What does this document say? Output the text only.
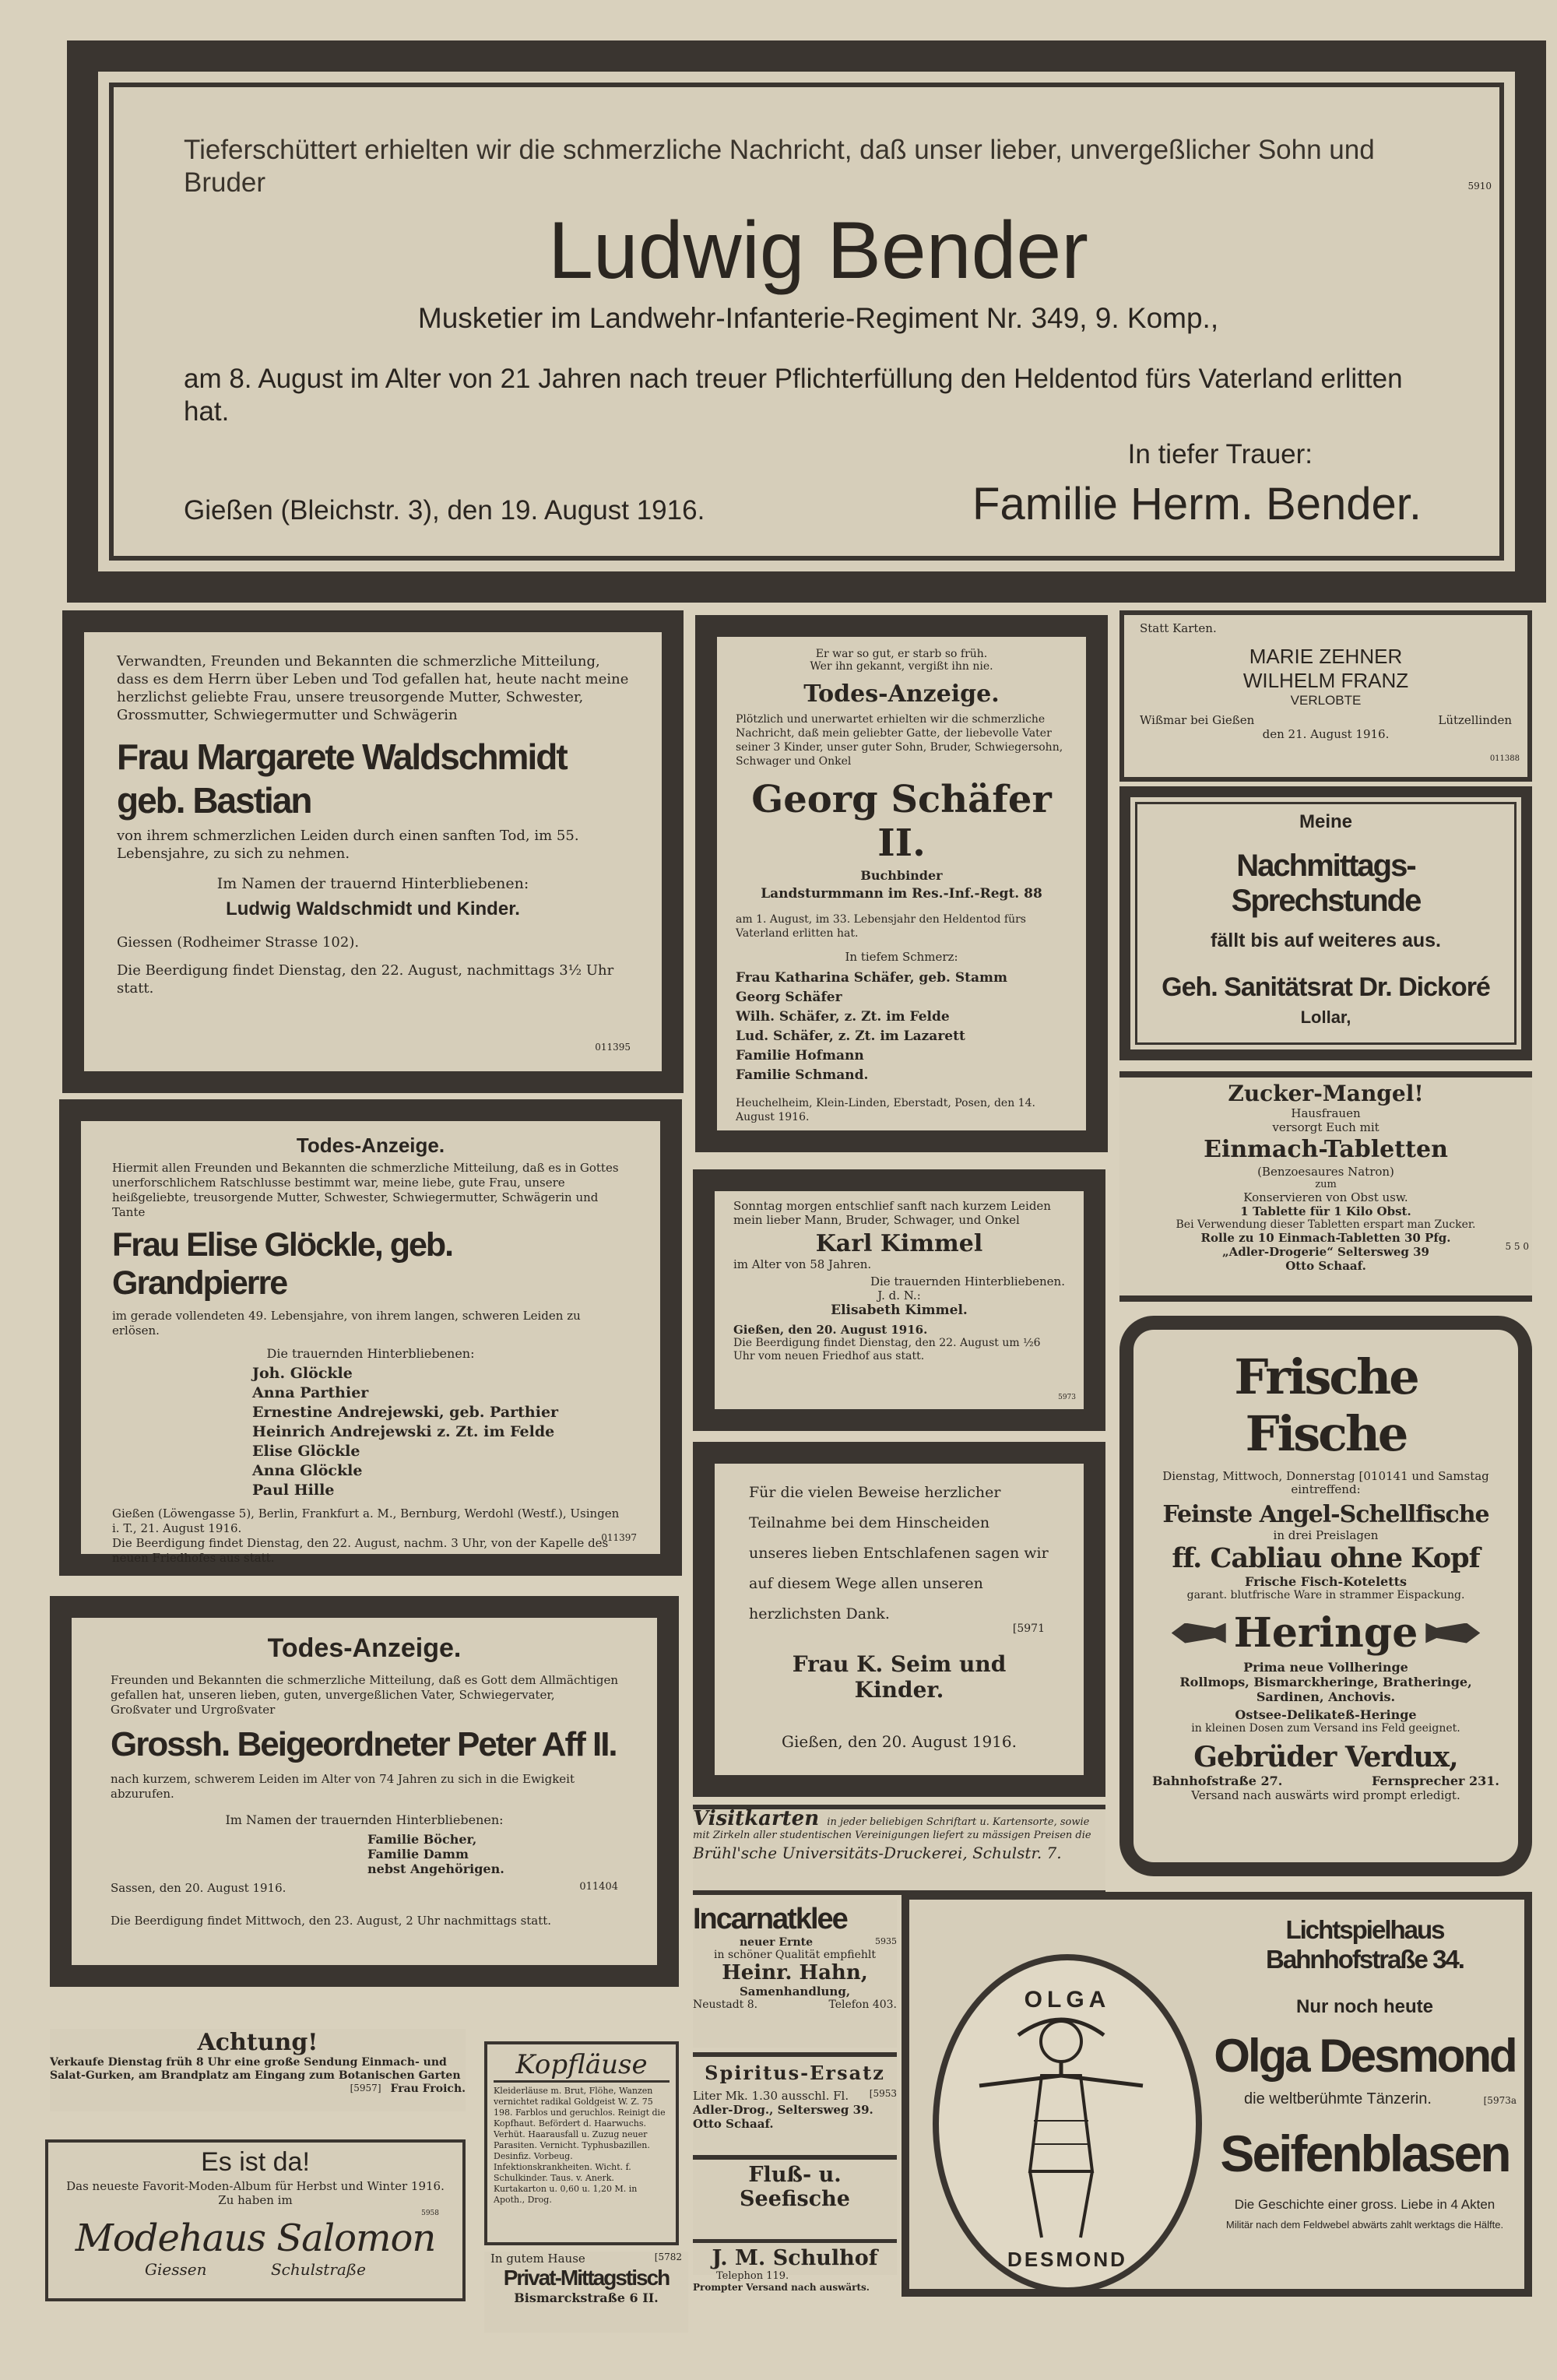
Tieferschüttert erhielten wir die schmerzliche Nachricht, daß unser lieber, unvergeßlicher Sohn und Bruder

Ludwig Bender

Musketier im Landwehr-Infanterie-Regiment Nr. 349, 9. Komp.,

am 8. August im Alter von 21 Jahren nach treuer Pflichterfüllung den Heldentod fürs Vaterland erlitten hat.

In tiefer Trauer:

Gießen (Bleichstr. 3), den 19. August 1916.	Familie Herm. Bender.
5910

Verwandten, Freunden und Bekannten die schmerzliche Mitteilung, dass es dem Herrn über Leben und Tod gefallen hat, heute nacht meine herzlichst geliebte Frau, unsere treusorgende Mutter, Schwester, Grossmutter, Schwiegermutter und Schwägerin

Frau Margarete Waldschmidt geb. Bastian

von ihrem schmerzlichen Leiden durch einen sanften Tod, im 55. Lebensjahre, zu sich zu nehmen.

Im Namen der trauernd Hinterbliebenen:

Ludwig Waldschmidt und Kinder.

Giessen (Rodheimer Strasse 102).

Die Beerdigung findet Dienstag, den 22. August, nachmittags 3½ Uhr statt.

011395

Er war so gut, er starb so früh.

Wer ihn gekannt, vergißt ihn nie.

Todes-Anzeige.

Plötzlich und unerwartet erhielten wir die schmerzliche Nachricht, daß mein geliebter Gatte, der liebevolle Vater seiner 3 Kinder, unser guter Sohn, Bruder, Schwiegersohn, Schwager und Onkel

Georg Schäfer II.

Buchbinder

Landsturmmann im Res.-Inf.-Regt. 88

am 1. August, im 33. Lebensjahr den Heldentod fürs Vaterland erlitten hat.

In tiefem Schmerz:

Frau Katharina Schäfer, geb. Stamm

Georg Schäfer

Wilh. Schäfer, z. Zt. im Felde

Lud. Schäfer, z. Zt. im Lazarett

Familie Hofmann

Familie Schmand.

Heuchelheim, Klein-Linden, Eberstadt, Posen, den 14. August 1916.

Statt Karten.

MARIE ZEHNER

WILHELM FRANZ

VERLOBTE

Wißmar bei Gießen	Lützellinden

den 21. August 1916.

011388

Meine

Nachmittags-Sprechstunde

fällt bis auf weiteres aus.

Geh. Sanitätsrat Dr. Dickoré

Lollar,

Zucker-Mangel!

Hausfrauen

versorgt Euch mit

Einmach-Tabletten

(Benzoesaures Natron)

zum

Konservieren von Obst usw.

1 Tablette für 1 Kilo Obst.

Bei Verwendung dieser Tabletten erspart man Zucker.

Rolle zu 10 Einmach-Tabletten 30 Pfg.

„Adler-Drogerie“ Seltersweg 39

Otto Schaaf.

5 5 0

Todes-Anzeige.

Hiermit allen Freunden und Bekannten die schmerzliche Mitteilung, daß es in Gottes unerforschlichem Ratschlusse bestimmt war, meine liebe, gute Frau, unsere heißgeliebte, treusorgende Mutter, Schwester, Schwiegermutter, Schwägerin und Tante

Frau Elise Glöckle, geb. Grandpierre

im gerade vollendeten 49. Lebensjahre, von ihrem langen, schweren Leiden zu erlösen.

Die trauernden Hinterbliebenen:

Joh. Glöckle

Anna Parthier

Ernestine Andrejewski, geb. Parthier

Heinrich Andrejewski z. Zt. im Felde

Elise Glöckle

Anna Glöckle

Paul Hille

Gießen (Löwengasse 5), Berlin, Frankfurt a. M., Bernburg, Werdohl (Westf.), Usingen i. T., 21. August 1916.

Die Beerdigung findet Dienstag, den 22. August, nachm. 3 Uhr, von der Kapelle des neuen Friedhofes aus statt.

011397

Sonntag morgen entschlief sanft nach kurzem Leiden mein lieber Mann, Bruder, Schwager, und Onkel

Karl Kimmel

im Alter von 58 Jahren.

Die trauernden Hinterbliebenen.

J. d. N.:

Elisabeth Kimmel.

Gießen, den 20. August 1916.

Die Beerdigung findet Dienstag, den 22. August um ½6 Uhr vom neuen Friedhof aus statt.

5973

Für die vielen Beweise herzlicher Teilnahme bei dem Hinscheiden unseres lieben Entschlafenen sagen wir auf diesem Wege allen unseren herzlichsten Dank.

[5971

Frau K. Seim und Kinder.

Gießen, den 20. August 1916.

Frische Fische

Dienstag, Mittwoch, Donnerstag [010141 und Samstag eintreffend:

Feinste Angel-Schellfische

in drei Preislagen

ff. Cabliau ohne Kopf

Frische Fisch-Koteletts

garant. blutfrische Ware in strammer Eispackung.

Heringe

Prima neue Vollheringe

Rollmops, Bismarckheringe, Bratheringe, Sardinen, Anchovis.

Ostsee-Delikateß-Heringe

in kleinen Dosen zum Versand ins Feld geeignet.

Gebrüder Verdux,

Bahnhofstraße 27.	Fernsprecher 231.

Versand nach auswärts wird prompt erledigt.

Todes-Anzeige.

Freunden und Bekannten die schmerzliche Mitteilung, daß es Gott dem Allmächtigen gefallen hat, unseren lieben, guten, unvergeßlichen Vater, Schwiegervater, Großvater und Urgroßvater

Grossh. Beigeordneter Peter Aff II.

nach kurzem, schwerem Leiden im Alter von 74 Jahren zu sich in die Ewigkeit abzurufen.

Im Namen der trauernden Hinterbliebenen:

Familie Böcher,

Familie Damm

nebst Angehörigen.

Sassen, den 20. August 1916.	011404

Die Beerdigung findet Mittwoch, den 23. August, 2 Uhr nachmittags statt.

Visitkarten in jeder beliebigen Schriftart u. Kartensorte, sowie mit Zirkeln aller studentischen Vereinigungen liefert zu mässigen Preisen die

Brühl'sche Universitäts-Druckerei, Schulstr. 7.

Incarnatklee

neuer Ernte	5935

in schöner Qualität empfiehlt

Heinr. Hahn,

Samenhandlung,

Neustadt 8.	Telefon 403.

Spiritus-Ersatz

[5953

Liter Mk. 1.30 ausschl. Fl.

Adler-Drog., Seltersweg 39.

Otto Schaaf.

Fluß- u. Seefische

J. M. Schulhof

Telephon 119.

Prompter Versand nach auswärts.

OLGA
DESMOND

Lichtspielhaus Bahnhofstraße 34.

Nur noch heute

Olga Desmond

die weltberühmte Tänzerin.	[5973a

Seifenblasen

Die Geschichte einer gross. Liebe in 4 Akten

Militär nach dem Feldwebel abwärts zahlt werktags die Hälfte.

Achtung!

Verkaufe Dienstag früh 8 Uhr eine große Sendung Einmach- und Salat-Gurken, am Brandplatz am Eingang zum Botanischen Garten

[5957] Frau Froich.

Kopfläuse

Kleiderläuse m. Brut, Flöhe, Wanzen vernichtet radikal Goldgeist W. Z. 75 198. Farblos und geruchlos. Reinigt die Kopfhaut. Befördert d. Haarwuchs. Verhüt. Haarausfall u. Zuzug neuer Parasiten. Vernicht. Typhusbazillen. Desinfiz. Vorbeug. Infektionskrankheiten. Wicht. f. Schulkinder. Taus. v. Anerk. Kurtakarton u. 0,60 u. 1,20 M. in Apoth., Drog.

Es ist da!

Das neueste Favorit-Moden-Album für Herbst und Winter 1916. Zu haben im

5958

Modehaus Salomon

Giessen	Schulstraße
In gutem Hause	[5782

Privat-Mittagstisch

Bismarckstraße 6 II.
